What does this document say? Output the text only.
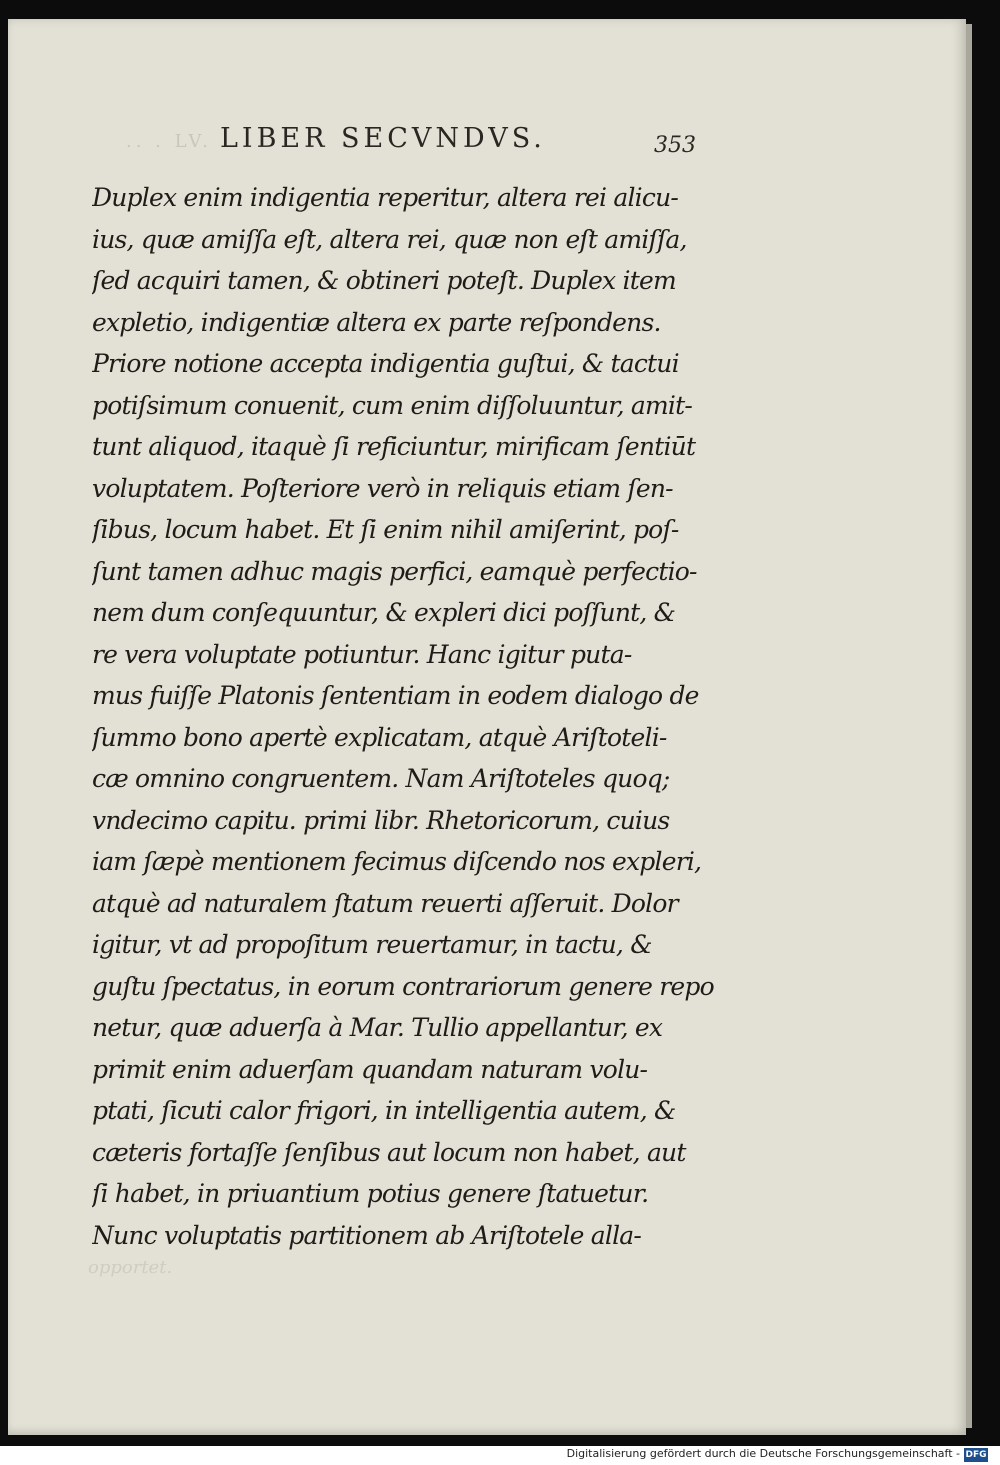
.. . LV. LIBER SECVNDVS.	353
Duplex enim indigentia reperitur, altera rei alicu-
ius, quæ amiſſa eſt, altera rei, quæ non eſt amiſſa,
ſed acquiri tamen, & obtineri poteſt. Duplex item
expletio, indigentiæ altera ex parte reſpondens.
Priore notione accepta indigentia guſtui, & tactui
potiſsimum conuenit, cum enim diſſoluuntur, amit-
tunt aliquod, itaquè ſi reficiuntur, mirificam ſentiūt
voluptatem. Poſteriore verò in reliquis etiam ſen-
ſibus, locum habet. Et ſi enim nihil amiſerint, poſ-
ſunt tamen adhuc magis perfici, eamquè perfectio-
nem dum conſequuntur, & expleri dici poſſunt, &
re vera voluptate potiuntur. Hanc igitur puta-
mus fuiſſe Platonis ſententiam in eodem dialogo de
ſummo bono apertè explicatam, atquè Ariſtoteli-
cæ omnino congruentem. Nam Ariſtoteles quoq;
vndecimo capitu. primi libr. Rhetoricorum, cuius
iam ſæpè mentionem fecimus diſcendo nos expleri,
atquè ad naturalem ſtatum reuerti aſſeruit. Dolor
igitur, vt ad propoſitum reuertamur, in tactu, &
guſtu ſpectatus, in eorum contrariorum genere repo
netur, quæ aduerſa à Mar. Tullio appellantur, ex
primit enim aduerſam quandam naturam volu-
ptati, ſicuti calor frigori, in intelligentia autem, &
cæteris fortaſſe ſenſibus aut locum non habet, aut
ſi habet, in priuantium potius genere ſtatuetur.
Nunc voluptatis partitionem ab Ariſtotele alla-
opportet.
Digitalisierung gefördert durch die Deutsche Forschungsgemeinschaft - DFG
